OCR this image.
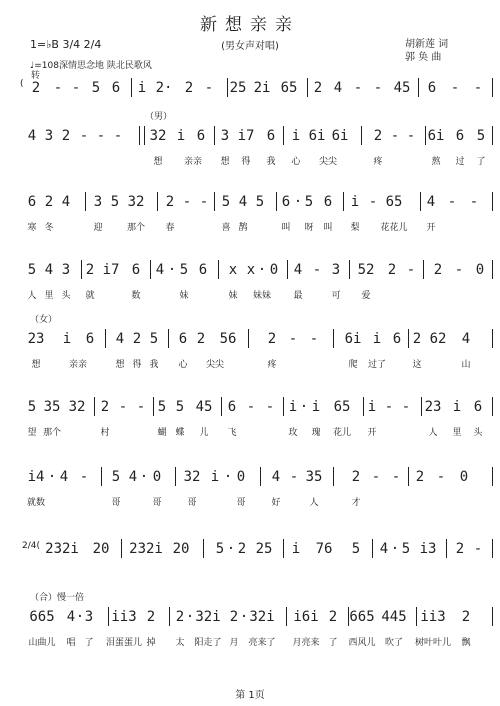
新想亲亲
(男女声对唱)
1=♭B 3/4 2/4
♩=108深情思念地 陕北民歌风
胡新莲 词
郭 奂 曲
(
转
2 - - 5 6 i 2· 2 - 25 2i 65 2 4 - - 45 6 - -
（男）
4 3 2 - - - 32 i 6 3 i7 6 i 6i 6i 2 - - 6i 6 5
想 亲亲 想 得 我 心 尖尖	疼	熬 过 了
6 2 4 3 5 32 2 - - 5 4 5 6 · 5 6 i - 65 4 - -
寒 冬	迎	那个 春	喜 鹊	叫 呀 叫 梨 花花儿 开
5 4 3 2 i7 6 4 · 5 6 x x · 0 4 - 3 52 2 - 2 - 0
人 里 头 就	数	妹	妹 妹妹 最	可 爱
（女）
23 i 6 4 2 5 6 2 56 2 - - 6i i 6 2 62 4
想	亲亲	想 得 我 心 尖尖	疼	爬 过了	这	山
5 35 32 2 - - 5 5 45 6 - - i · i 65 i - - 23 i 6
望 那个	村	蝴 蝶 儿 飞	玫 瑰 花儿 开	人 里 头
i4 · 4 - 5 4 · 0 32 i · 0 4 - 35 2 - - 2 - 0
就数	哥	哥	哥	哥	好	人	才
2/4( 232i 20 232i 20 5 · 2 25 i 76 5 4 · 5 i3 2 -
（合）慢一倍
665 4 · 3 ii3 2 2 · 32i 2 · 32i i6i 2 665 445 ii3 2
山曲儿 唱 了 泪蛋蛋儿 掉 太 阳走了 月 亮来了 月亮来 了 西风儿 吹了 树叶叶儿 飘
第 1页
